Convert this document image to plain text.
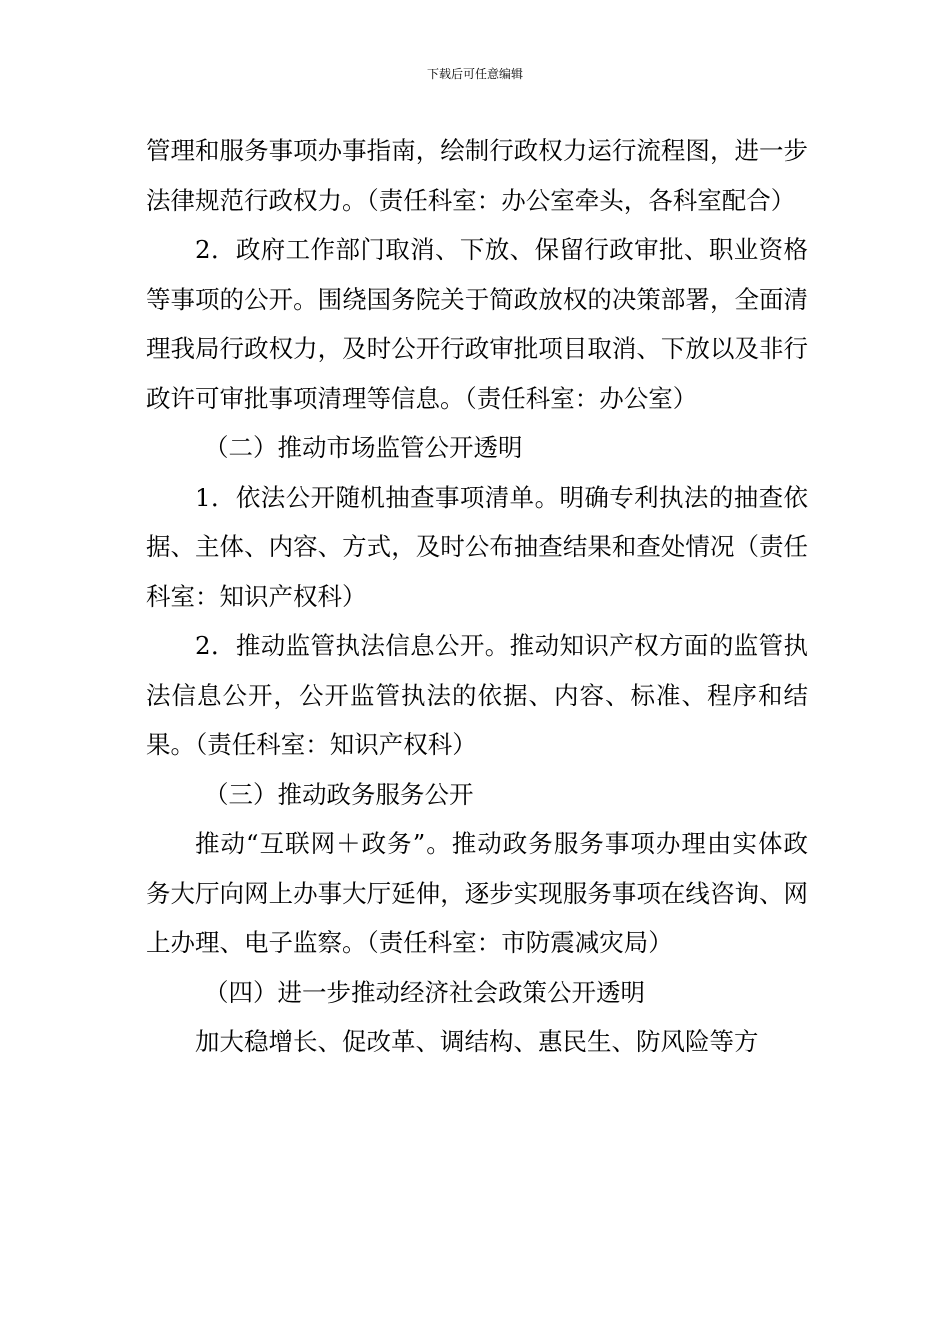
下载后可任意编辑

管理和服务事项办事指南，绘制行政权力运行流程图，进一步法律规范行政权力。（责任科室：办公室牵头，各科室配合）

2．政府工作部门取消、下放、保留行政审批、职业资格等事项的公开。围绕国务院关于简政放权的决策部署，全面清理我局行政权力，及时公开行政审批项目取消、下放以及非行政许可审批事项清理等信息。（责任科室：办公室）

（二）推动市场监管公开透明

1．依法公开随机抽查事项清单。明确专利执法的抽查依据、主体、内容、方式，及时公布抽查结果和查处情况（责任科室：知识产权科）

2．推动监管执法信息公开。推动知识产权方面的监管执法信息公开，公开监管执法的依据、内容、标准、程序和结果。（责任科室：知识产权科）

（三）推动政务服务公开

推动“互联网＋政务”。推动政务服务事项办理由实体政务大厅向网上办事大厅延伸，逐步实现服务事项在线咨询、网上办理、电子监察。（责任科室：市防震减灾局）

（四）进一步推动经济社会政策公开透明

加大稳增长、促改革、调结构、惠民生、防风险等方
